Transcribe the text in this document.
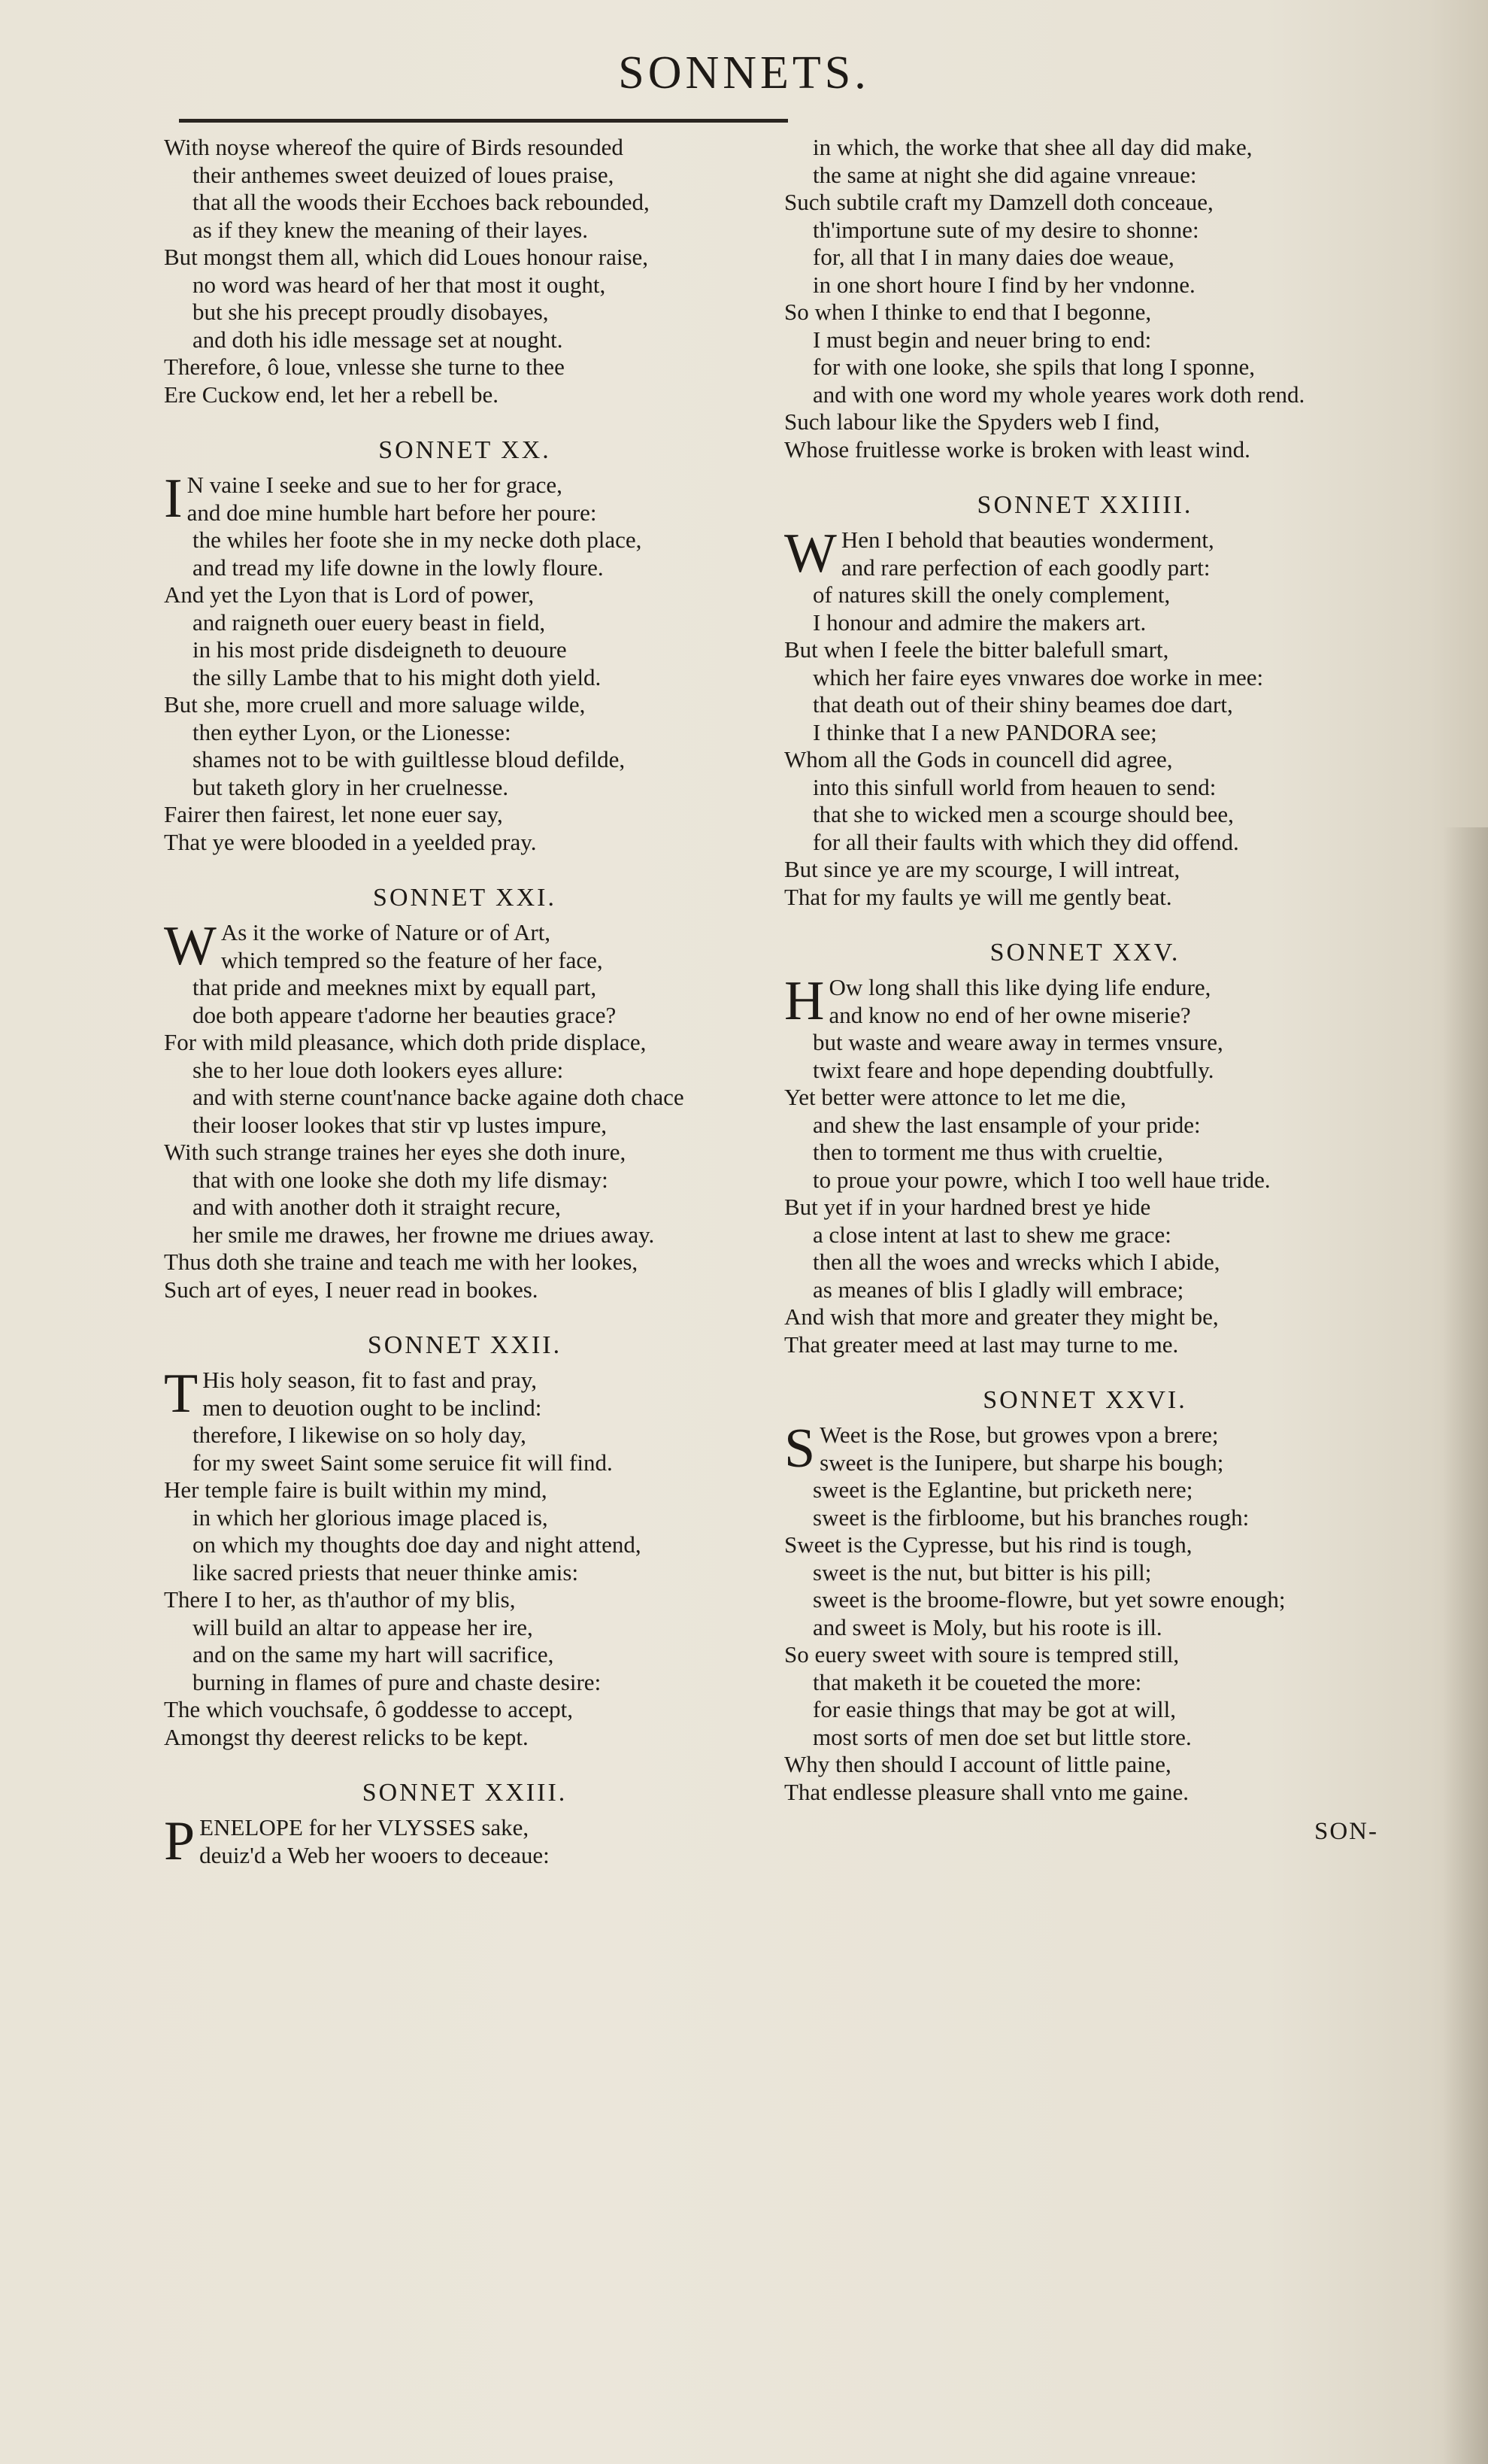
SONNETS.
With noyse whereof the quire of Birds resounded
their anthemes sweet deuized of loues praise,
that all the woods their Ecchoes back rebounded,
as if they knew the meaning of their layes.
But mongst them all, which did Loues honour raise,
no word was heard of her that most it ought,
but she his precept proudly disobayes,
and doth his idle message set at nought.
Therefore, ô loue, vnlesse she turne to thee
Ere Cuckow end, let her a rebell be.
SONNET XX.
I N vaine I seeke and sue to her for grace,
and doe mine humble hart before her poure:
the whiles her foote she in my necke doth place,
and tread my life downe in the lowly floure.
And yet the Lyon that is Lord of power,
and raigneth ouer euery beast in field,
in his most pride disdeigneth to deuoure
the silly Lambe that to his might doth yield.
But she, more cruell and more saluage wilde,
then eyther Lyon, or the Lionesse:
shames not to be with guiltlesse bloud defilde,
but taketh glory in her cruelnesse.
Fairer then fairest, let none euer say,
That ye were blooded in a yeelded pray.
SONNET XXI.
W As it the worke of Nature or of Art,
which tempred so the feature of her face,
that pride and meeknes mixt by equall part,
doe both appeare t'adorne her beauties grace?
For with mild pleasance, which doth pride displace,
she to her loue doth lookers eyes allure:
and with sterne count'nance backe againe doth chace
their looser lookes that stir vp lustes impure,
With such strange traines her eyes she doth inure,
that with one looke she doth my life dismay:
and with another doth it straight recure,
her smile me drawes, her frowne me driues away.
Thus doth she traine and teach me with her lookes,
Such art of eyes, I neuer read in bookes.
SONNET XXII.
T His holy season, fit to fast and pray,
men to deuotion ought to be inclind:
therefore, I likewise on so holy day,
for my sweet Saint some seruice fit will find.
Her temple faire is built within my mind,
in which her glorious image placed is,
on which my thoughts doe day and night attend,
like sacred priests that neuer thinke amis:
There I to her, as th'author of my blis,
will build an altar to appease her ire,
and on the same my hart will sacrifice,
burning in flames of pure and chaste desire:
The which vouchsafe, ô goddesse to accept,
Amongst thy deerest relicks to be kept.
SONNET XXIII.
P ENELOPE for her VLYSSES sake,
deuiz'd a Web her wooers to deceaue:
in which, the worke that shee all day did make,
the same at night she did againe vnreaue:
Such subtile craft my Damzell doth conceaue,
th'importune sute of my desire to shonne:
for, all that I in many daies doe weaue,
in one short houre I find by her vndonne.
So when I thinke to end that I begonne,
I must begin and neuer bring to end:
for with one looke, she spils that long I sponne,
and with one word my whole yeares work doth rend.
Such labour like the Spyders web I find,
Whose fruitlesse worke is broken with least wind.
SONNET XXIIII.
W Hen I behold that beauties wonderment,
and rare perfection of each goodly part:
of natures skill the onely complement,
I honour and admire the makers art.
But when I feele the bitter balefull smart,
which her faire eyes vnwares doe worke in mee:
that death out of their shiny beames doe dart,
I thinke that I a new PANDORA see;
Whom all the Gods in councell did agree,
into this sinfull world from heauen to send:
that she to wicked men a scourge should bee,
for all their faults with which they did offend.
But since ye are my scourge, I will intreat,
That for my faults ye will me gently beat.
SONNET XXV.
H Ow long shall this like dying life endure,
and know no end of her owne miserie?
but waste and weare away in termes vnsure,
twixt feare and hope depending doubtfully.
Yet better were attonce to let me die,
and shew the last ensample of your pride:
then to torment me thus with crueltie,
to proue your powre, which I too well haue tride.
But yet if in your hardned brest ye hide
a close intent at last to shew me grace:
then all the woes and wrecks which I abide,
as meanes of blis I gladly will embrace;
And wish that more and greater they might be,
That greater meed at last may turne to me.
SONNET XXVI.
S Weet is the Rose, but growes vpon a brere;
sweet is the Iunipere, but sharpe his bough;
sweet is the Eglantine, but pricketh nere;
sweet is the firbloome, but his branches rough:
Sweet is the Cypresse, but his rind is tough,
sweet is the nut, but bitter is his pill;
sweet is the broome-flowre, but yet sowre enough;
and sweet is Moly, but his roote is ill.
So euery sweet with soure is tempred still,
that maketh it be coueted the more:
for easie things that may be got at will,
most sorts of men doe set but little store.
Why then should I account of little paine,
That endlesse pleasure shall vnto me gaine.
SON-
